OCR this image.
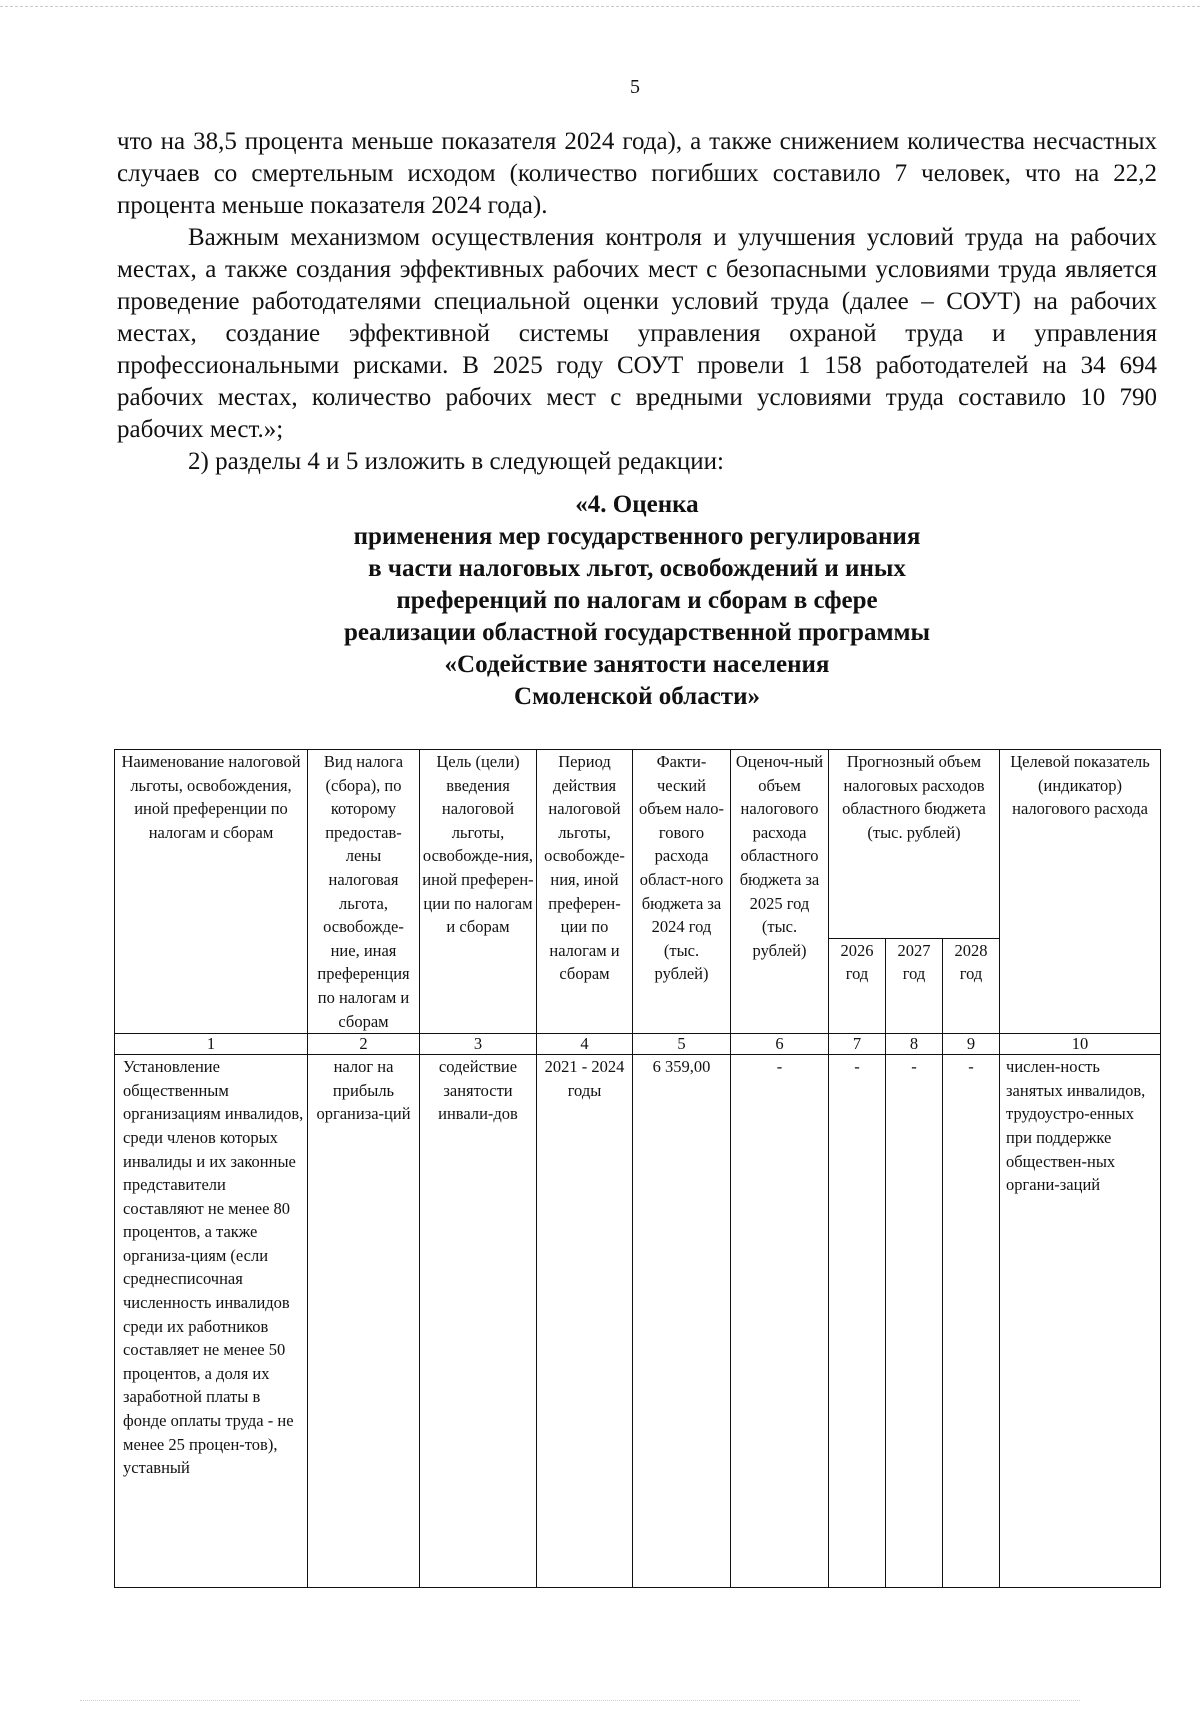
5

что на 38,5 процента меньше показателя 2024 года), а также снижением количества несчастных случаев со смертельным исходом (количество погибших составило 7 человек, что на 22,2 процента меньше показателя 2024 года).

Важным механизмом осуществления контроля и улучшения условий труда на рабочих местах, а также создания эффективных рабочих мест с безопасными условиями труда является проведение работодателями специальной оценки условий труда (далее – СОУТ) на рабочих местах, создание эффективной системы управления охраной труда и управления профессиональными рисками. В 2025 году СОУТ провели 1 158 работодателей на 34 694 рабочих местах, количество рабочих мест с вредными условиями труда составило 10 790 рабочих мест.»;

2) разделы 4 и 5 изложить в следующей редакции:

«4. Оценка
применения мер государственного регулирования
в части налоговых льгот, освобождений и иных
преференций по налогам и сборам в сфере
реализации областной государственной программы
«Содействие занятости населения
Смоленской области»
Наименование налоговой льготы, освобождения, иной преференции по налогам и сборам	Вид налога (сбора), по которому предостав-лены налоговая льгота, освобожде-ние, иная преференция по налогам и сборам	Цель (цели) введения налоговой льготы, освобожде-ния, иной преферен-ции по налогам и сборам	Период действия налоговой льготы, освобожде-ния, иной преферен-ции по налогам и сборам	Факти-ческий объем нало-гового расхода област-ного бюджета за 2024 год (тыс. рублей)	Оценоч-ный объем налогового расхода областного бюджета за 2025 год (тыс. рублей)	Прогнозный объем налоговых расходов областного бюджета (тыс. рублей)			Целевой показатель (индикатор) налогового расхода
						2026 год	2027 год	2028 год	
1	2	3	4	5	6	7	8	9	10
Установление общественным организациям инвалидов, среди членов которых инвалиды и их законные представители составляют не менее 80 процентов, а также организа-циям (если среднесписочная численность инвалидов среди их работников составляет не менее 50 процентов, а доля их заработной платы в фонде оплаты труда - не менее 25 процен-тов), уставный	налог на прибыль организа-ций	содействие занятости инвали-дов	2021 - 2024 годы	6 359,00	-	-	-	-	числен-ность занятых инвалидов, трудоустро-енных при поддержке обществен-ных органи-заций
